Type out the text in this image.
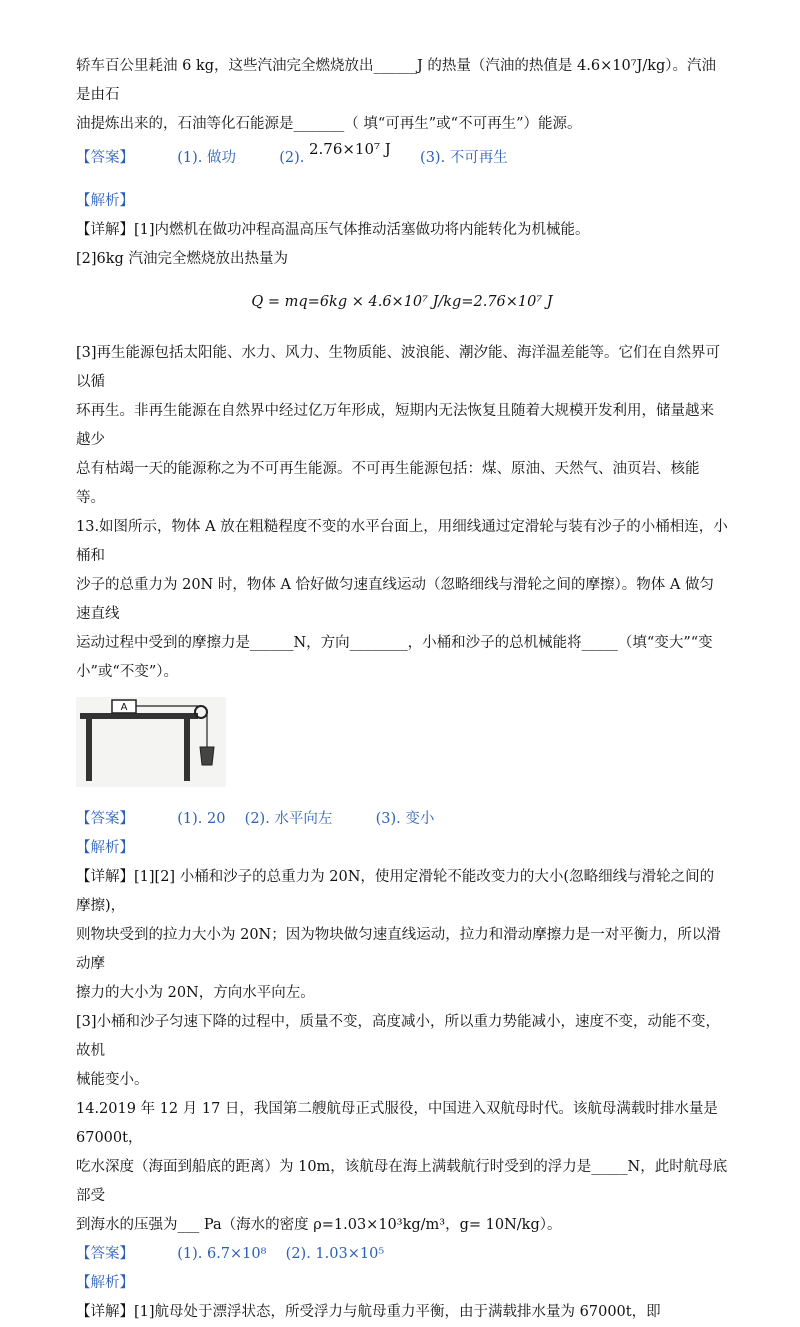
轿车百公里耗油 6 kg，这些汽油完全燃烧放出______J 的热量（汽油的热值是 4.6×10⁷J/kg）。汽油是由石

油提炼出来的，石油等化石能源是_______（ 填“可再生”或“不可再生”）能源。

【答案】	(1). 做功	(2). 2.76×10⁷ J (3). 不可再生

【解析】

【详解】[1]内燃机在做功冲程高温高压气体推动活塞做功将内能转化为机械能。

[2]6kg 汽油完全燃烧放出热量为

Q = mq=6kg × 4.6×10⁷ J/kg=2.76×10⁷ J

[3]再生能源包括太阳能、水力、风力、生物质能、波浪能、潮汐能、海洋温差能等。它们在自然界可以循

环再生。非再生能源在自然界中经过亿万年形成，短期内无法恢复且随着大规模开发利用，储量越来越少

总有枯竭一天的能源称之为不可再生能源。不可再生能源包括：煤、原油、天然气、油页岩、核能等。

13.如图所示，物体 A 放在粗糙程度不变的水平台面上，用细线通过定滑轮与装有沙子的小桶相连，小桶和

沙子的总重力为 20N 时，物体 A 恰好做匀速直线运动（忽略细线与滑轮之间的摩擦）。物体 A 做匀速直线

运动过程中受到的摩擦力是______N，方向________，小桶和沙子的总机械能将_____（填“变大”“变

小”或“不变”）。

A
【答案】	(1). 20 (2). 水平向左	(3). 变小

【解析】

【详解】[1][2] 小桶和沙子的总重力为 20N，使用定滑轮不能改变力的大小(忽略细线与滑轮之间的摩擦)，

则物块受到的拉力大小为 20N；因为物块做匀速直线运动，拉力和滑动摩擦力是一对平衡力，所以滑动摩

擦力的大小为 20N，方向水平向左。

[3]小桶和沙子匀速下降的过程中，质量不变，高度减小，所以重力势能减小，速度不变，动能不变，故机

械能变小。

14.2019 年 12 月 17 日，我国第二艘航母正式服役，中国进入双航母时代。该航母满载时排水量是 67000t，

吃水深度（海面到船底的距离）为 10m，该航母在海上满载航行时受到的浮力是_____N，此时航母底部受

到海水的压强为___ Pa（海水的密度 ρ=1.03×10³kg/m³，g= 10N/kg）。

【答案】	(1). 6.7×10⁸ (2). 1.03×10⁵

【解析】

【详解】[1]航母处于漂浮状态，所受浮力与航母重力平衡，由于满载排水量为 67000t，即
